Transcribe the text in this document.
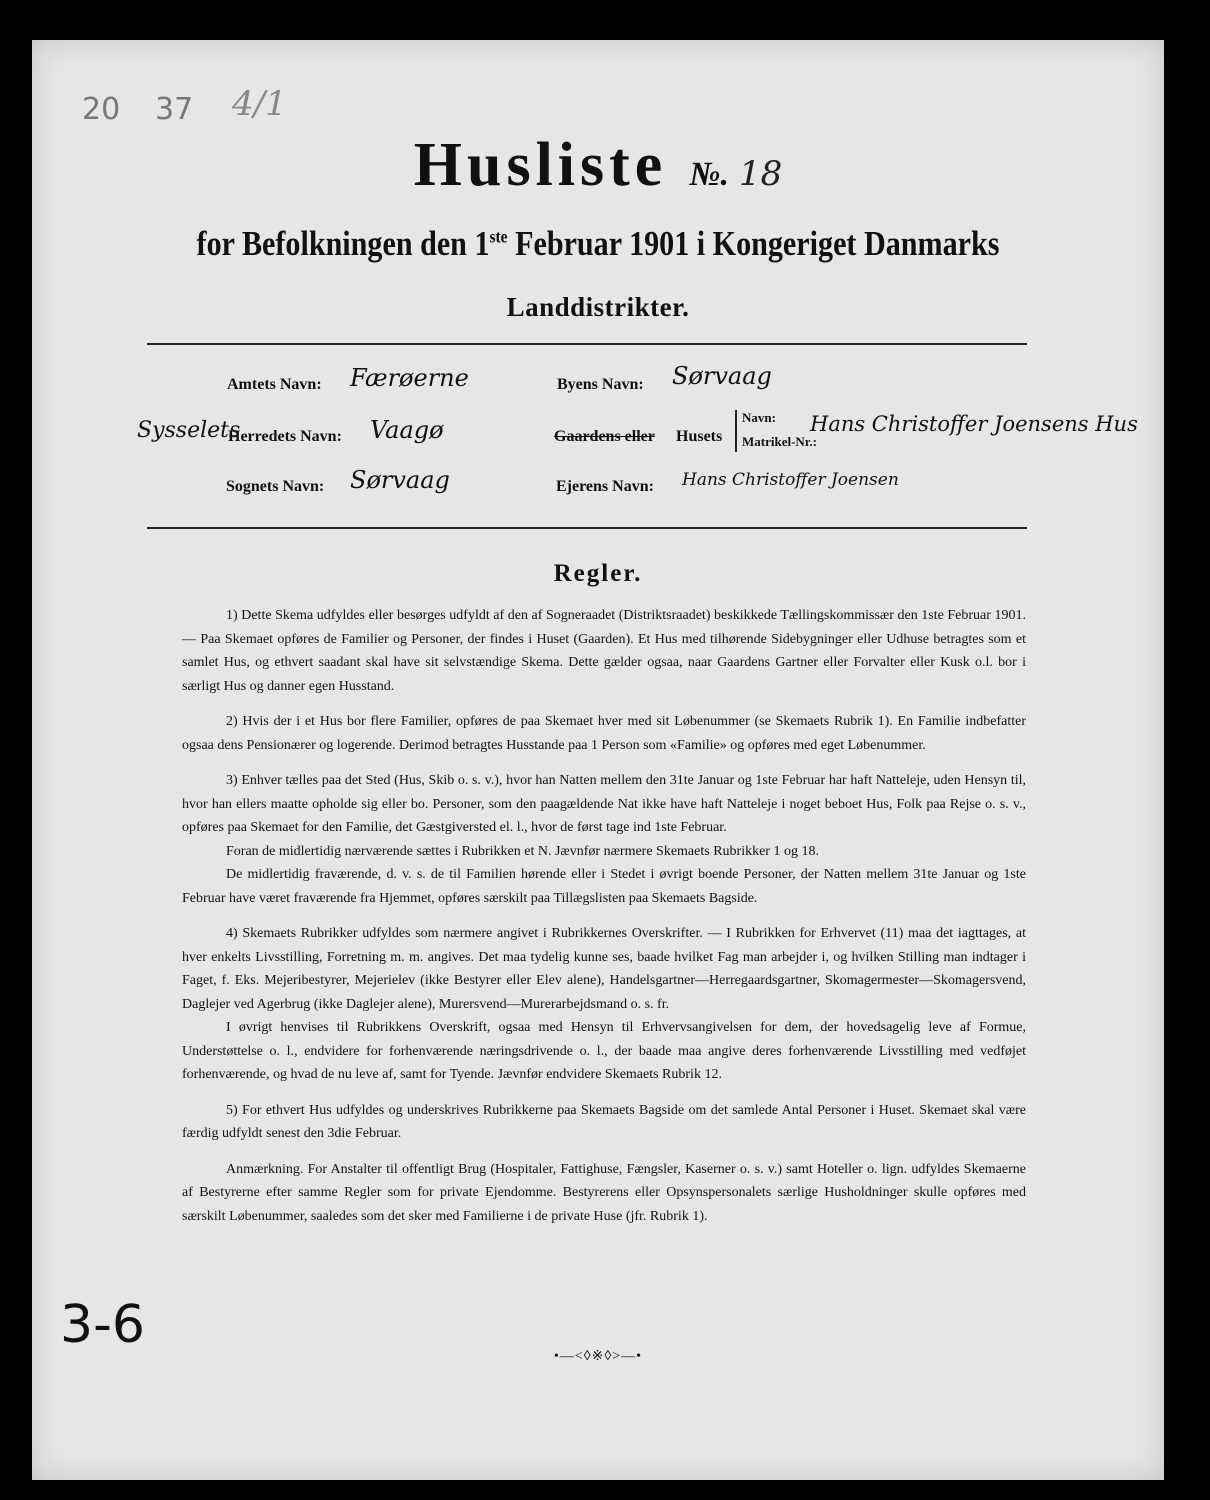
20 37 4/1
Husliste №. 18
for Befolkningen den 1ste Februar 1901 i Kongeriget Danmarks
Landdistrikter.
Amtets Navn: Færøerne
Sysselets
Herredets Navn: Vaagø
Sognets Navn: Sørvaag
Byens Navn: Sørvaag
Gaardens eller Husets
Navn:
Matrikel-Nr.:
Hans Christoffer Joensens Hus
Ejerens Navn: Hans Christoffer Joensen
Regler.

1) Dette Skema udfyldes eller besørges udfyldt af den af Sogneraadet (Distriktsraadet) beskikkede Tællingskommissær den 1ste Februar 1901. — Paa Skemaet opføres de Familier og Personer, der findes i Huset (Gaarden). Et Hus med tilhørende Sidebygninger eller Udhuse betragtes som et samlet Hus, og ethvert saadant skal have sit selvstændige Skema. Dette gælder ogsaa, naar Gaardens Gartner eller Forvalter eller Kusk o.l. bor i særligt Hus og danner egen Husstand.

2) Hvis der i et Hus bor flere Familier, opføres de paa Skemaet hver med sit Løbenummer (se Skemaets Rubrik 1). En Familie indbefatter ogsaa dens Pensionærer og logerende. Derimod betragtes Husstande paa 1 Person som «Familie» og opføres med eget Løbenummer.

3) Enhver tælles paa det Sted (Hus, Skib o. s. v.), hvor han Natten mellem den 31te Januar og 1ste Februar har haft Natteleje, uden Hensyn til, hvor han ellers maatte opholde sig eller bo. Personer, som den paagældende Nat ikke have haft Natteleje i noget beboet Hus, Folk paa Rejse o. s. v., opføres paa Skemaet for den Familie, det Gæstgiversted el. l., hvor de først tage ind 1ste Februar.

Foran de midlertidig nærværende sættes i Rubrikken et N. Jævnfør nærmere Skemaets Rubrikker 1 og 18.

De midlertidig fraværende, d. v. s. de til Familien hørende eller i Stedet i øvrigt boende Personer, der Natten mellem 31te Januar og 1ste Februar have været fraværende fra Hjemmet, opføres særskilt paa Tillægslisten paa Skemaets Bagside.

4) Skemaets Rubrikker udfyldes som nærmere angivet i Rubrikkernes Overskrifter. — I Rubrikken for Erhvervet (11) maa det iagttages, at hver enkelts Livsstilling, Forretning m. m. angives. Det maa tydelig kunne ses, baade hvilket Fag man arbejder i, og hvilken Stilling man indtager i Faget, f. Eks. Mejeribestyrer, Mejerielev (ikke Bestyrer eller Elev alene), Handelsgartner—Herregaardsgartner, Skomagermester—Skomagersvend, Daglejer ved Agerbrug (ikke Daglejer alene), Murersvend—Murerarbejdsmand o. s. fr.

I øvrigt henvises til Rubrikkens Overskrift, ogsaa med Hensyn til Erhvervsangivelsen for dem, der hovedsagelig leve af Formue, Understøttelse o. l., endvidere for forhenværende næringsdrivende o. l., der baade maa angive deres forhenværende Livsstilling med vedføjet forhenværende, og hvad de nu leve af, samt for Tyende. Jævnfør endvidere Skemaets Rubrik 12.

5) For ethvert Hus udfyldes og underskrives Rubrikkerne paa Skemaets Bagside om det samlede Antal Personer i Huset. Skemaet skal være færdig udfyldt senest den 3die Februar.

Anmærkning. For Anstalter til offentligt Brug (Hospitaler, Fattighuse, Fængsler, Kaserner o. s. v.) samt Hoteller o. lign. udfyldes Skemaerne af Bestyrerne efter samme Regler som for private Ejendomme. Bestyrerens eller Opsynspersonalets særlige Husholdninger skulle opføres med særskilt Løbenummer, saaledes som det sker med Familierne i de private Huse (jfr. Rubrik 1).

3-6
•—<◊※◊>—•
